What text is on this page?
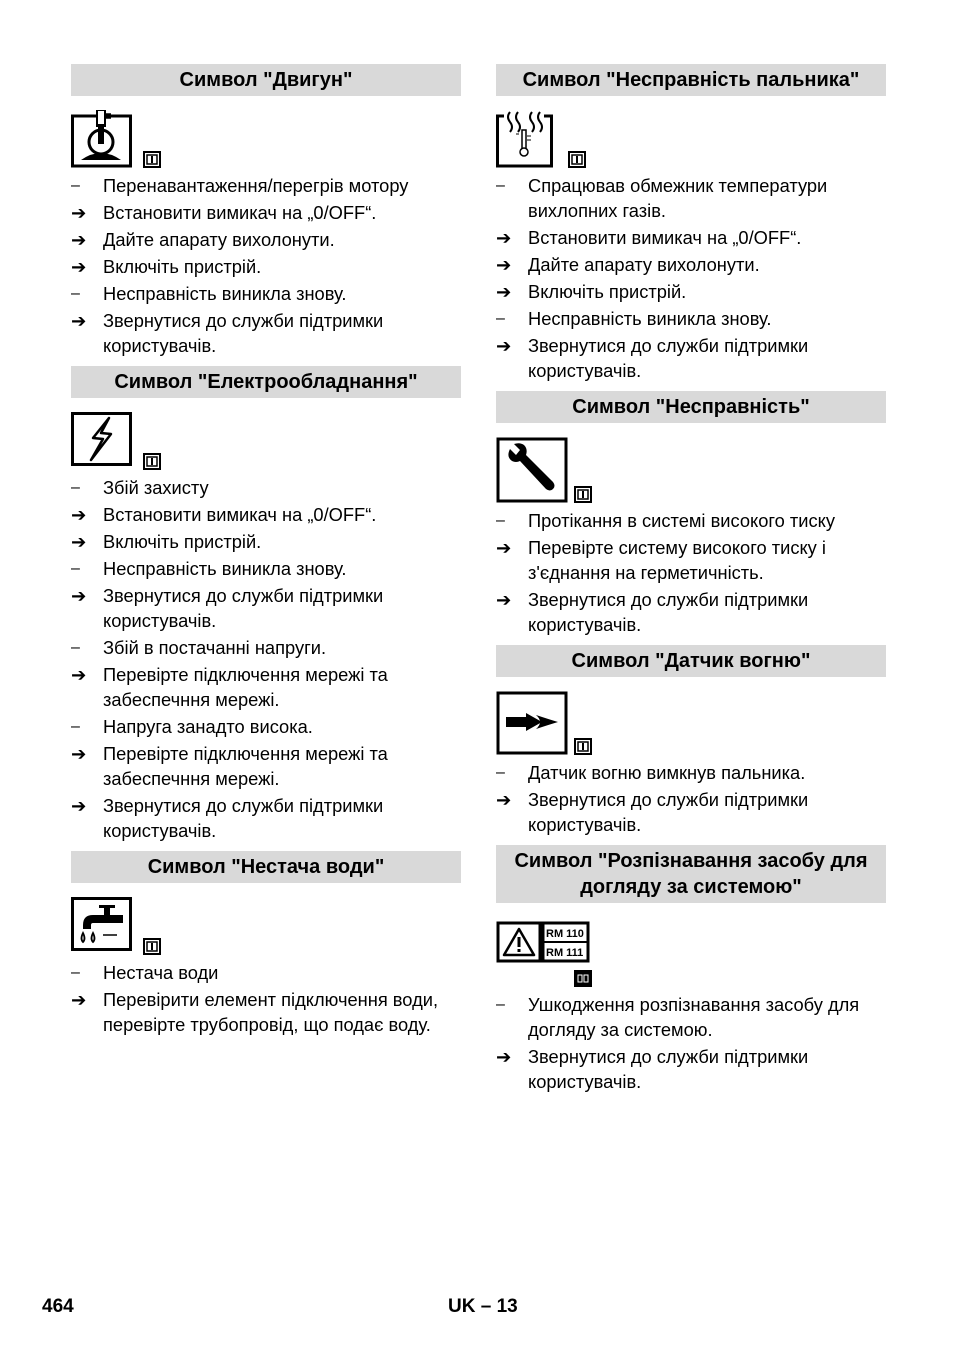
Символ "Двигун"
–	Перенавантаження/перегрів мотору
➔ Встановити вимикач на „0/OFF“.
➔ Дайте апарату вихолонути.
➔ Включіть пристрій.
–	Несправність виникла знову.
➔ Звернутися до служби підтримки користувачів.
Символ "Електрообладнання"
–	Збій захисту
➔ Встановити вимикач на „0/OFF“.
➔ Включіть пристрій.
–	Несправність виникла знову.
➔ Звернутися до служби підтримки користувачів.
–	Збій в постачанні напруги.
➔ Перевірте підключення мережі та забеспечння мережі.
–	Напруга занадто висока.
➔ Перевірте підключення мережі та забеспечння мережі.
➔ Звернутися до служби підтримки користувачів.
Символ "Нестача води"
–	Нестача води
➔ Перевірити елемент підключення води, перевірте трубопровід, що подає воду.
Символ "Несправність пальника"
–	Спрацював обмежник температури вихлопних газів.
➔ Встановити вимикач на „0/OFF“.
➔ Дайте апарату вихолонути.
➔ Включіть пристрій.
–	Несправність виникла знову.
➔ Звернутися до служби підтримки користувачів.
Символ "Несправність"
–	Протікання в системі високого тиску
➔ Перевірте систему високого тиску і з'єднання на герметичність.
➔ Звернутися до служби підтримки користувачів.
Символ "Датчик вогню"
–	Датчик вогню вимкнув пальника.
➔ Звернутися до служби підтримки користувачів.
Символ "Розпізнавання засобу для догляду за системою"
RM 110
RM 111
–	Ушкодження розпізнавання засобу для догляду за системою.
➔ Звернутися до служби підтримки користувачів.
464	UK – 13
